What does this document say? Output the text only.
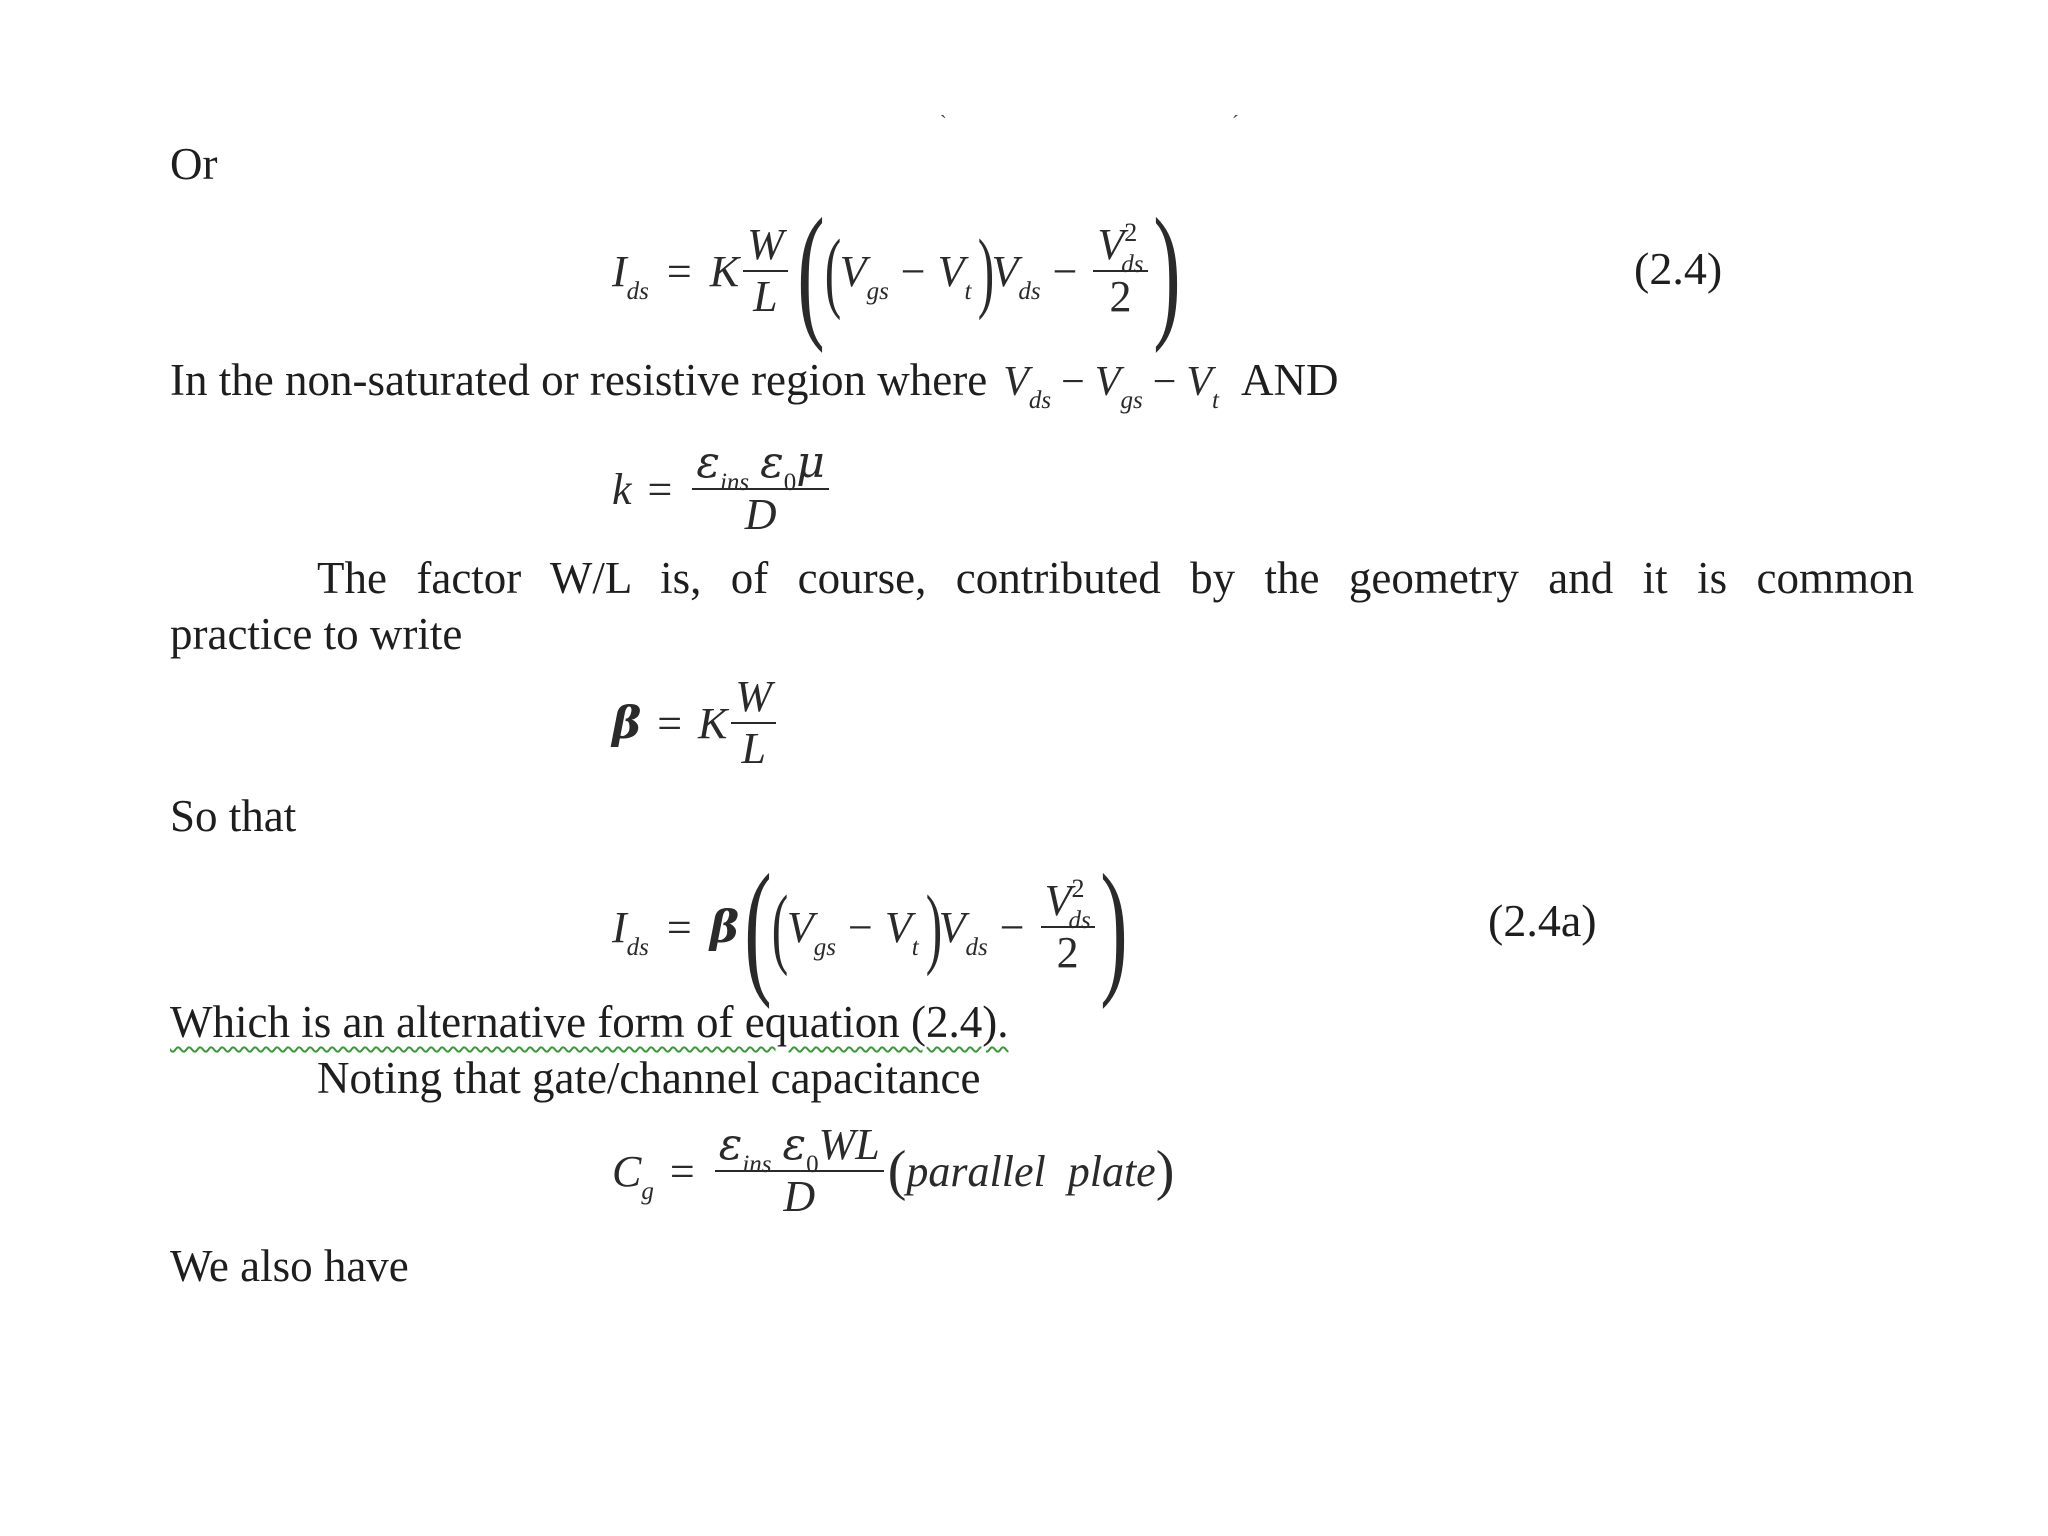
`	´
Or
$I_{ds} = K \frac{W}{L}$ ( (
$V_{gs} - V_t$ )
$V_{ds} - \frac{V^2_{ds}}{2}$ )	(2.4)
In the non-saturated or resistive region where $V_{ds} - V_{gs} - V_t$ AND
$k = \frac{\varepsilon_{ins} \varepsilon_0\mu}{D}$
The factor W/L is, of course, contributed by the geometry and it is common
practice to write
β = K $\frac{W}{L}$
So that
$I_{ds} = \beta$ ( (
$V_{gs} - V_t$ )
$V_{ds} - \frac{V^2_{ds}}{2}$ )	(2.4a)
Which is an alternative form of equation (2.4).
Noting that gate/channel capacitance
$C_g = \frac{\varepsilon_{ins} \varepsilon_0WL}{D}$ ( parallel  plate )
We also have
